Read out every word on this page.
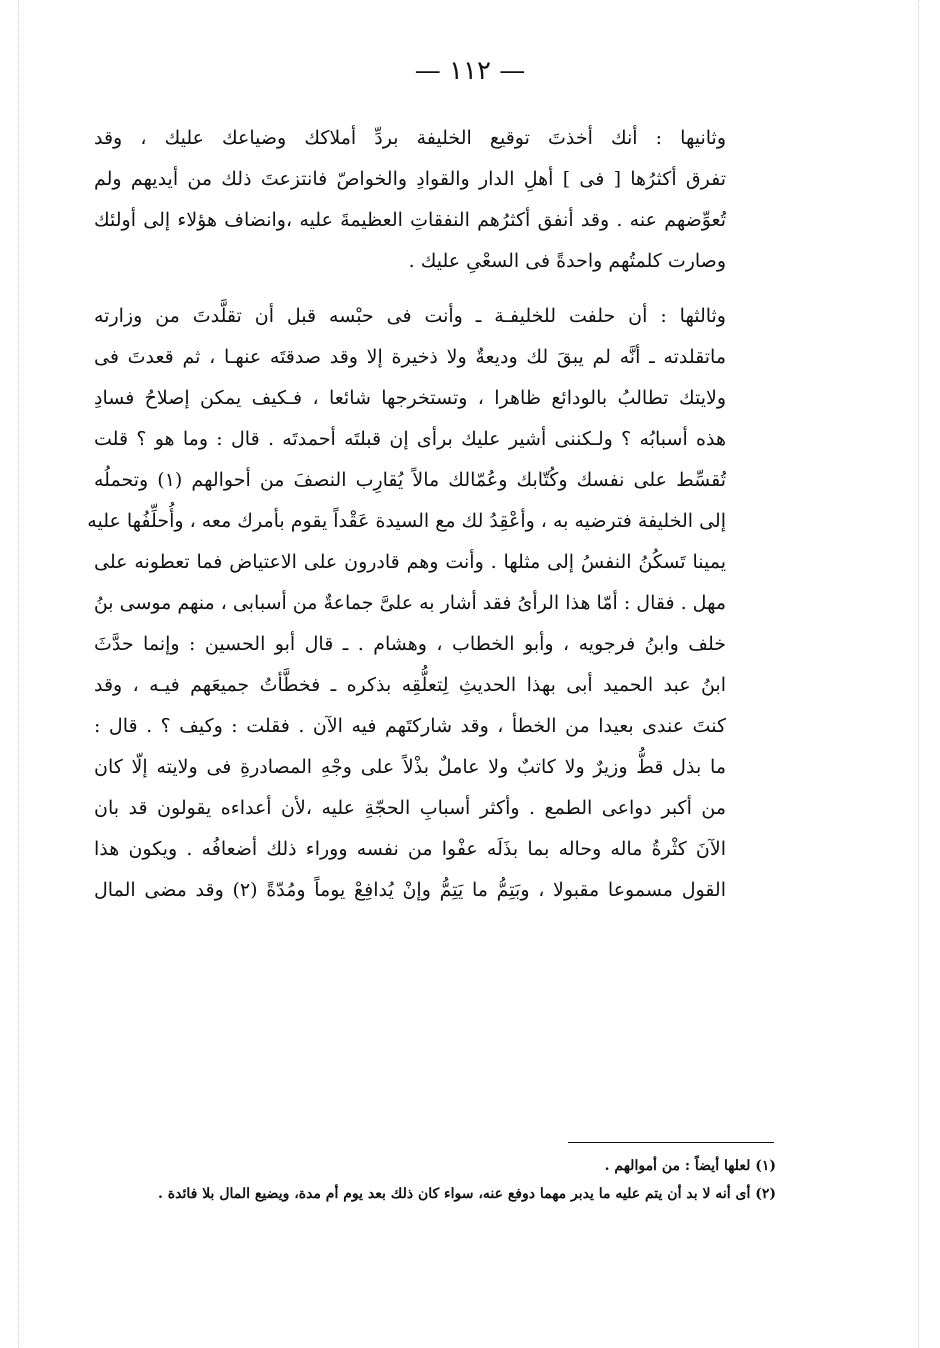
— ١١٢ —
وثانيها : أنك أخذتَ توقيع الخليفة بردِّ أملاكك وضياعك عليك ، وقد
تفرق أكثرُها [ فى ] أهلِ الدار والقوادِ والخواصّ فانتزعتَ ذلك من أيديهم ولم
تُعوِّضهم عنه . وقد أنفق أكثرُهم النفقاتِ العظيمةَ عليه ،وانضاف هؤلاء إلى أولئك
وصارت كلمتُهم واحدةً فى السعْىِ عليك .
وثالثها : أن حلفت للخليفـة ـ وأنت فى حبْسه قبل أن تقلَّدتَ من وزارته
ماتقلدته ـ أنَّه لم يبقَ لك وديعةٌ ولا ذخيرة إلا وقد صدقتَه عنهـا ، ثم قعدتَ فى
ولايتك تطالبُ بالودائع ظاهرا ، وتستخرجها شائعا ، فـكيف يمكن إصلاحُ فسادِ
هذه أسبابُه ؟ ولـكننى أشير عليك برأى إن قبلتَه أحمدتَه . قال : وما هو ؟ قلت
تُقسِّط على نفسك وكُتّابك وعُمّالك مالاً يُقارِب النصفَ من أحوالهم (١) وتحملُه
إلى الخليفة فترضيه به ، وأعْقِدُ لك مع السيدة عَقْداً يقوم بأمرك معه ، وأُحلِّفُها عليه
يمينا تَسكُنُ النفسُ إلى مثلها . وأنت وهم قادرون على الاعتياض فما تعطونه على
مهل . فقال : أمّا هذا الرأىُ فقد أشار به علىَّ جماعةٌ من أسبابى ، منهم موسى بنُ
خلف وابنُ فرجويه ، وأبو الخطاب ، وهشام . ـ قال أبو الحسين : وإنما حدَّثَ
ابنُ عبد الحميد أبى بهذا الحديثِ لِتعلُّقِه بذكره ـ فخطَّأتُ جميعَهم فيـه ، وقد
كنتَ عندى بعيدا من الخطأ ، وقد شاركتَهم فيه الآن . فقلت : وكيف ؟ . قال :
ما بذل قطُّ وزيرٌ ولا كاتبٌ ولا عاملٌ بذْلاً على وجْهِ المصادرةِ فى ولايته إلّا كان
من أكبر دواعى الطمع . وأكثر أسبابِ الحجّةِ عليه ،لأن أعداءه يقولون قد بان
الآنَ كثْرةُ ماله وحاله بما بذَلَه عفْوا من نفسه ووراء ذلك أضعافُه . ويكون هذا
القول مسموعا مقبولا ، وبَتِمُّ ما يَتِمُّ وإنْ يُدافِعْ يوماً ومُدّةً (٢) وقد مضى المال
(١) لعلها أيضاً : من أموالهم .
(٢) أى أنه لا بد أن يتم عليه ما يدبر مهما دوفع عنه، سواء كان ذلك بعد يوم أم مدة، ويضيع المال بلا فائدة .
